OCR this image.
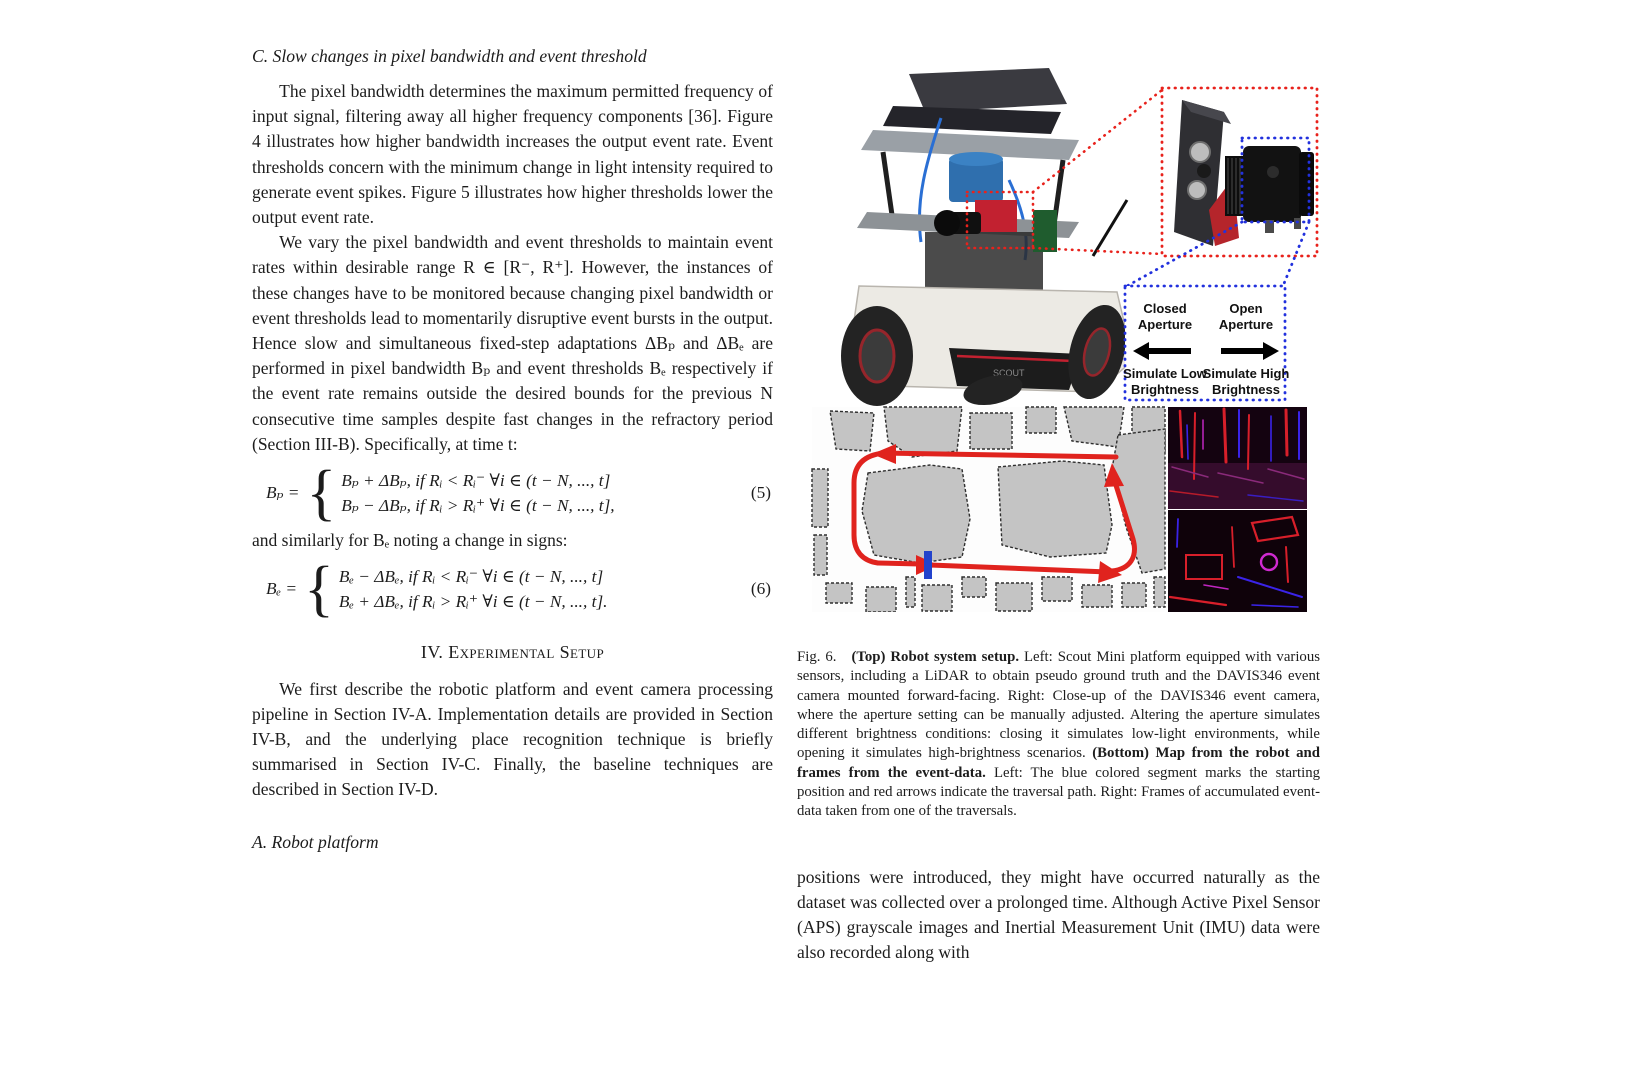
C. Slow changes in pixel bandwidth and event threshold

The pixel bandwidth determines the maximum permitted frequency of input signal, filtering away all higher frequency components [36]. Figure 4 illustrates how higher bandwidth increases the output event rate. Event thresholds concern with the minimum change in light intensity required to generate event spikes. Figure 5 illustrates how higher thresholds lower the output event rate.

We vary the pixel bandwidth and event thresholds to maintain event rates within desirable range R ∈ [R⁻, R⁺]. However, the instances of these changes have to be monitored because changing pixel bandwidth or event thresholds lead to momentarily disruptive event bursts in the output. Hence slow and simultaneous fixed-step adaptations ΔBₚ and ΔBₑ are performed in pixel bandwidth Bₚ and event thresholds Bₑ respectively if the event rate remains outside the desired bounds for the previous N consecutive time samples despite fast changes in the refractory period (Section III-B). Specifically, at time t:

Bₚ = { Bₚ + ΔBₚ, if Rᵢ < Rᵢ⁻ ∀i ∈ (t − N, ..., t]
Bₚ − ΔBₚ, if Rᵢ > Rᵢ⁺ ∀i ∈ (t − N, ..., t],
(5)

and similarly for Bₑ noting a change in signs:

Bₑ = { Bₑ − ΔBₑ, if Rᵢ < Rᵢ⁻ ∀i ∈ (t − N, ..., t]
Bₑ + ΔBₑ, if Rᵢ > Rᵢ⁺ ∀i ∈ (t − N, ..., t].
(6)
IV. Experimental Setup

We first describe the robotic platform and event camera processing pipeline in Section IV-A. Implementation details are provided in Section IV-B, and the underlying place recognition technique is briefly summarised in Section IV-C. Finally, the baseline techniques are described in Section IV-D.

A. Robot platform
SCOUT
Closed
Aperture
Open
Aperture
Simulate Low
Brightness
Simulate High
Brightness
Fig. 6. (Top) Robot system setup. Left: Scout Mini platform equipped with various sensors, including a LiDAR to obtain pseudo ground truth and the DAVIS346 event camera mounted forward-facing. Right: Close-up of the DAVIS346 event camera, where the aperture setting can be manually adjusted. Altering the aperture simulates different brightness conditions: closing it simulates low-light environments, while opening it simulates high-brightness scenarios. (Bottom) Map from the robot and frames from the event-data. Left: The blue colored segment marks the starting position and red arrows indicate the traversal path. Right: Frames of accumulated event-data taken from one of the traversals.

positions were introduced, they might have occurred naturally as the dataset was collected over a prolonged time. Although Active Pixel Sensor (APS) grayscale images and Inertial Measurement Unit (IMU) data were also recorded along with
